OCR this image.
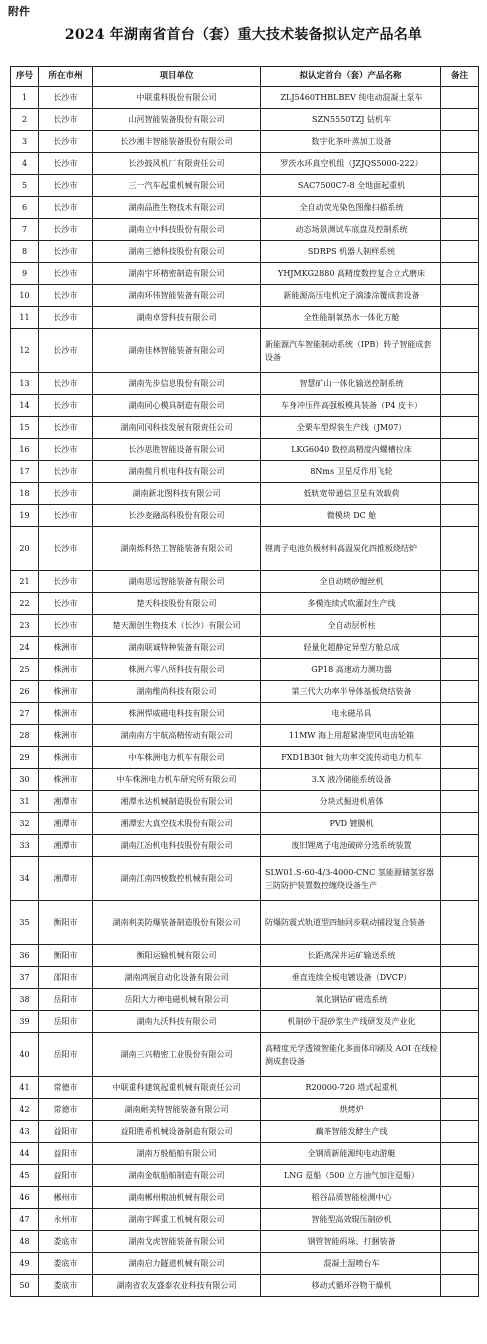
附件
2024 年湖南省首台（套）重大技术装备拟认定产品名单
序号	所在市州	项目单位	拟认定首台（套）产品名称	备注
1	长沙市	中联重科股份有限公司	ZLJ5460THBLBEV 纯电动混凝土泵车	
2	长沙市	山河智能装备股份有限公司	SZN5550TZJ 钻机车	
3	长沙市	长沙湘丰智能装备股份有限公司	数字化茶叶蒸加工设备	
4	长沙市	长沙鼓风机厂有限责任公司	罗茨水环真空机组（JZJQS5000-222）	
5	长沙市	三一汽车起重机械有限公司	SAC7500C7-8 全地面起重机	
6	长沙市	湖南品胜生物技术有限公司	全自动荧光染色图像扫描系统	
7	长沙市	湖南立中科技股份有限公司	动态场景测试车底盘及控制系统	
8	长沙市	湖南三德科技股份有限公司	SDRPS 机器人制样系统	
9	长沙市	湖南宇环精密制造有限公司	YHJMKG2880 高精度数控复合立式磨床	
10	长沙市	湖南环伟智能装备有限公司	新能源高压电机定子滴漆涂覆成套设备	
11	长沙市	湖南卓誉科技有限公司	全性能制氧热水一体化方舱	
12	长沙市	湖南佳林智能装备有限公司	新能源汽车智能制动系统（IPB）转子智能成套设备	
13	长沙市	湖南先步信息股份有限公司	智慧矿山一体化输送控制系统	
14	长沙市	湖南同心模具制造有限公司	车身冲压件高强板模具装备（P4 皮卡）	
15	长沙市	湖南同冈科技发展有限责任公司	全栗车型焊装生产线（JM07）	
16	长沙市	长沙思胜智能设备有限公司	LKG6040 数控高精度内螺槽拉床	
17	长沙市	湖南揽月机电科技有限公司	8Nms 卫星反作用飞轮	
18	长沙市	湖南新北图科技有限公司	低轨宽带通信卫星有效载荷	
19	长沙市	长沙麦融高科股份有限公司	微模块 DC 舱	
20	长沙市	湖南烁科热工智能装备有限公司	锂离子电池负极材料高温炭化四推板烧结炉	
21	长沙市	湖南思远智能装备有限公司	全自动喷砂缠丝机	
22	长沙市	楚天科技股份有限公司	多模连续式吹灌封生产线	
23	长沙市	楚天源创生物技术（长沙）有限公司	全自动层析柱	
24	株洲市	湖南联诚特种装备有限公司	轻量化超静定异型方舱总成	
25	株洲市	株洲六零八所科技有限公司	GP18 高速动力测功器	
26	株洲市	湖南维尚科技有限公司	第三代大功率半导体基板烧结装备	
27	株洲市	株洲悍威磁电科技有限公司	电永磁吊具	
28	株洲市	湖南南方宇航高精传动有限公司	11MW 海上用超紧凑型风电齿轮箱	
29	株洲市	中车株洲电力机车有限公司	FXD1B30t 轴大功率交流传动电力机车	
30	株洲市	中车株洲电力机车研究所有限公司	3.X 液冷储能系统设备	
31	湘潭市	湘潭永达机械制造股份有限公司	分块式掘进机盾体	
32	湘潭市	湘潭宏大真空技术股份有限公司	PVD 镀膜机	
33	湘潭市	湖南江冶机电科技股份有限公司	废旧锂离子电池破碎分选系统装置	
34	湘潭市	湖南江南四棱数控机械有限公司	SLW01.S-60-4/3-4000-CNC 氢能源储氢容器三防防护装置数控缠绕设备生产	
35	衡阳市	湖南利美防爆装备制造股份有限公司	防爆防震式轨道型四轴同步联动捕段复合装备	
36	衡阳市	衡阳运输机械有限公司	长距离深井运矿输送系统	
37	邵阳市	湖南鸿展自动化设备有限公司	垂直连续全板电镀设备（DVCP）	
38	岳阳市	岳阳大力神电磁机械有限公司	氧化钢钴矿磁选系统	
39	岳阳市	湖南九沃科技有限公司	机制砂干混砂浆生产线研发及产业化	
40	岳阳市	湖南三兴精密工业股份有限公司	高精度光学透镜智能化多面体印刷及 AOI 在线检测成套设备	
41	常德市	中联重科建筑起重机械有限责任公司	R20000-720 塔式起重机	
42	常德市	湖南耐美特智能装备有限公司	烘烤炉	
43	益阳市	益阳胜希机械设备制造有限公司	藕茶智能发酵生产线	
44	益阳市	湖南万般船舶有限公司	全钢质新能源纯电动游艇	
45	益阳市	湖南金航船舶制造有限公司	LNG 趸船（500 立方油气加注趸船）	
46	郴州市	湖南郴州粮油机械有限公司	稻谷品质智能检测中心	
47	永州市	湖南宇晖重工机械有限公司	智能型高效辊压制砂机	
48	娄底市	湖南戈虎智能装备有限公司	钢管智能码垛、打捆装备	
49	娄底市	湖南启力隧道机械有限公司	混凝土湿喷台车	
50	娄底市	湖南省农友盛泰农业科技有限公司	移动式循环谷物干燥机	
